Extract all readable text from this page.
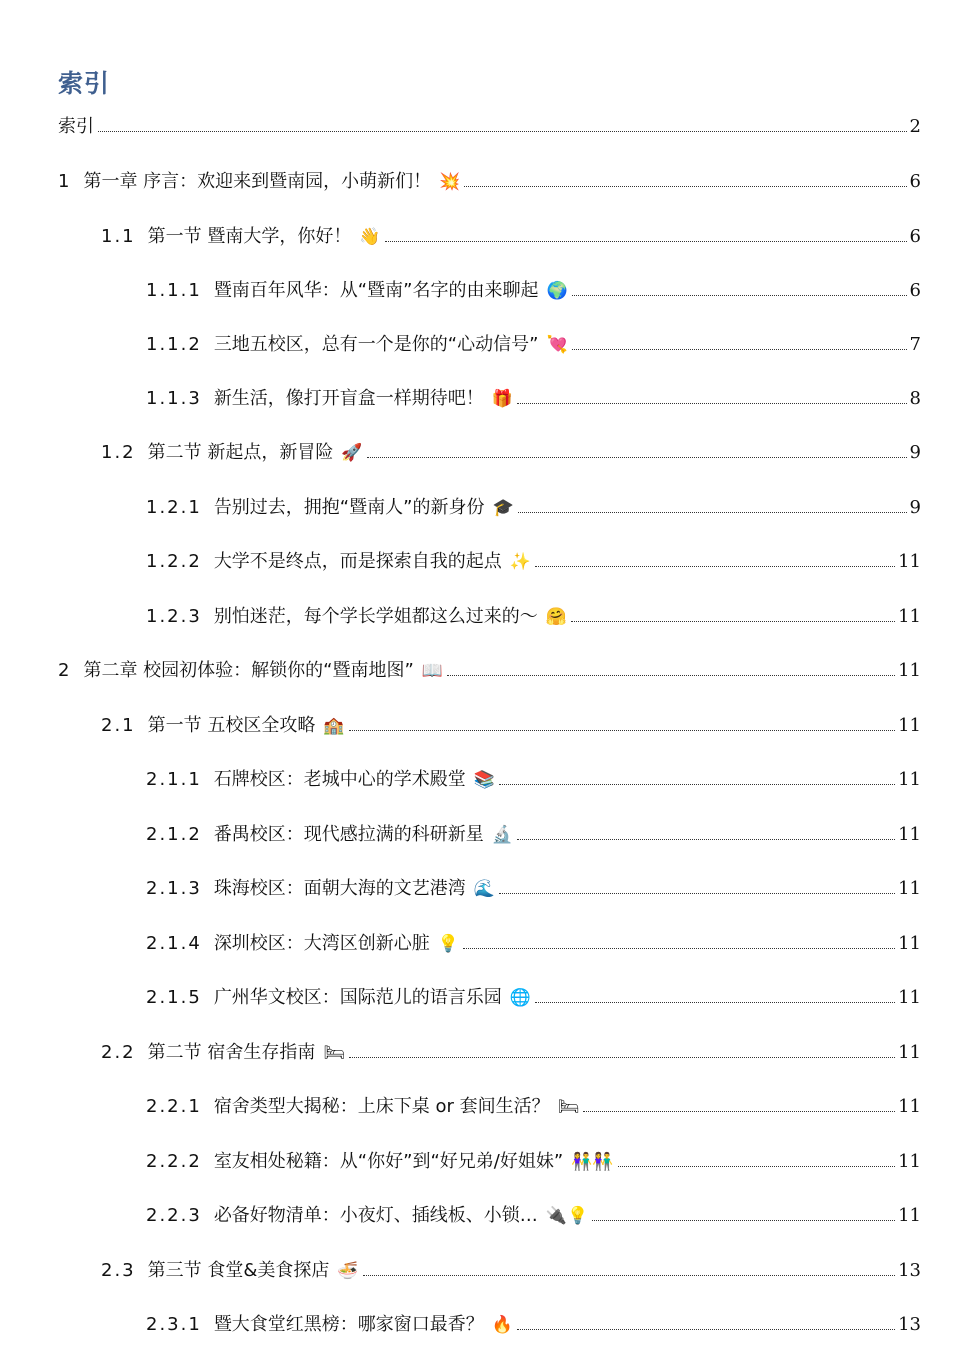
索引
索引	2
1 第一章 序言：欢迎来到暨南园，小萌新们！ 💥	6
1.1 第一节 暨南大学，你好！ 👋	6
1.1.1 暨南百年风华：从“暨南”名字的由来聊起 🌍	6
1.1.2 三地五校区，总有一个是你的“心动信号” 💘	7
1.1.3 新生活，像打开盲盒一样期待吧！ 🎁	8
1.2 第二节 新起点，新冒险 🚀	9
1.2.1 告别过去，拥抱“暨南人”的新身份 🎓	9
1.2.2 大学不是终点，而是探索自我的起点 ✨	11
1.2.3 别怕迷茫，每个学长学姐都这么过来的～ 🤗	11
2 第二章 校园初体验：解锁你的“暨南地图” 📖	11
2.1 第一节 五校区全攻略 🏫	11
2.1.1 石牌校区：老城中心的学术殿堂 📚	11
2.1.2 番禺校区：现代感拉满的科研新星 🔬	11
2.1.3 珠海校区：面朝大海的文艺港湾 🌊	11
2.1.4 深圳校区：大湾区创新心脏 💡	11
2.1.5 广州华文校区：国际范儿的语言乐园 🌐	11
2.2 第二节 宿舍生存指南 🛏	11
2.2.1 宿舍类型大揭秘：上床下桌 or 套间生活？ 🛏	11
2.2.2 室友相处秘籍：从“你好”到“好兄弟/好姐妹” 👫👫	11
2.2.3 必备好物清单：小夜灯、插线板、小锁… 🔌💡	11
2.3 第三节 食堂&美食探店 🍜	13
2.3.1 暨大食堂红黑榜：哪家窗口最香？ 🔥	13
